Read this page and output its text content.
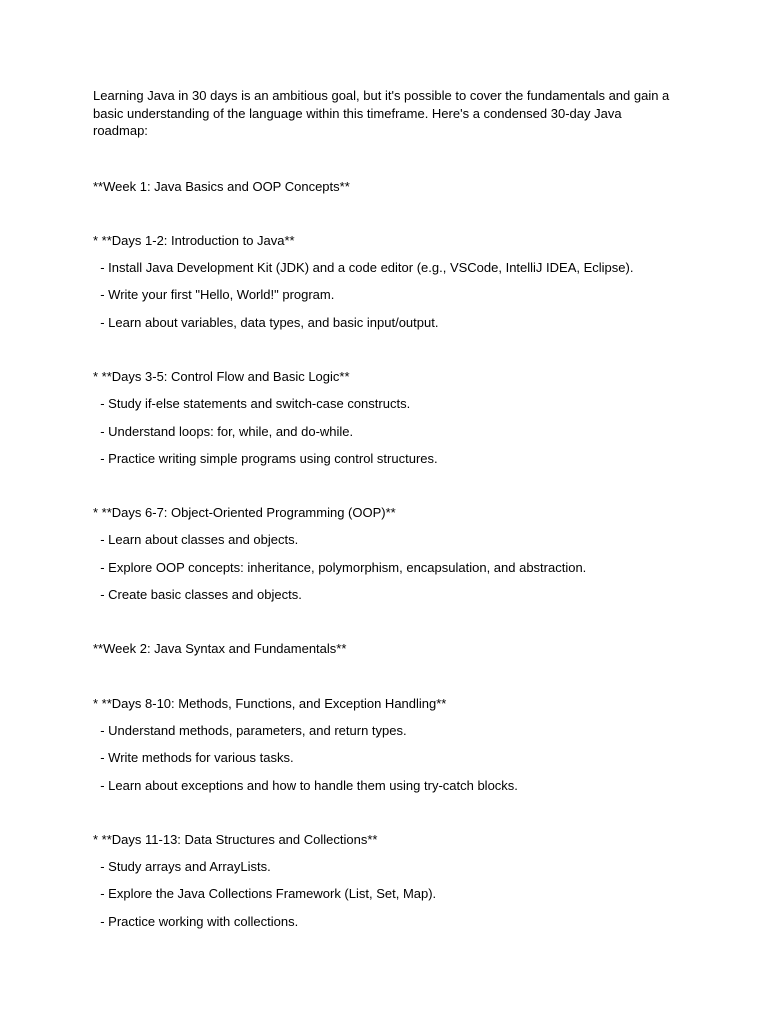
Learning Java in 30 days is an ambitious goal, but it's possible to cover the fundamentals and gain a basic understanding of the language within this timeframe. Here's a condensed 30-day Java roadmap:

**Week 1: Java Basics and OOP Concepts**

* **Days 1-2: Introduction to Java**

- Install Java Development Kit (JDK) and a code editor (e.g., VSCode, IntelliJ IDEA, Eclipse).

- Write your first "Hello, World!" program.

- Learn about variables, data types, and basic input/output.

* **Days 3-5: Control Flow and Basic Logic**

- Study if-else statements and switch-case constructs.

- Understand loops: for, while, and do-while.

- Practice writing simple programs using control structures.

* **Days 6-7: Object-Oriented Programming (OOP)**

- Learn about classes and objects.

- Explore OOP concepts: inheritance, polymorphism, encapsulation, and abstraction.

- Create basic classes and objects.

**Week 2: Java Syntax and Fundamentals**

* **Days 8-10: Methods, Functions, and Exception Handling**

- Understand methods, parameters, and return types.

- Write methods for various tasks.

- Learn about exceptions and how to handle them using try-catch blocks.

* **Days 11-13: Data Structures and Collections**

- Study arrays and ArrayLists.

- Explore the Java Collections Framework (List, Set, Map).

- Practice working with collections.
